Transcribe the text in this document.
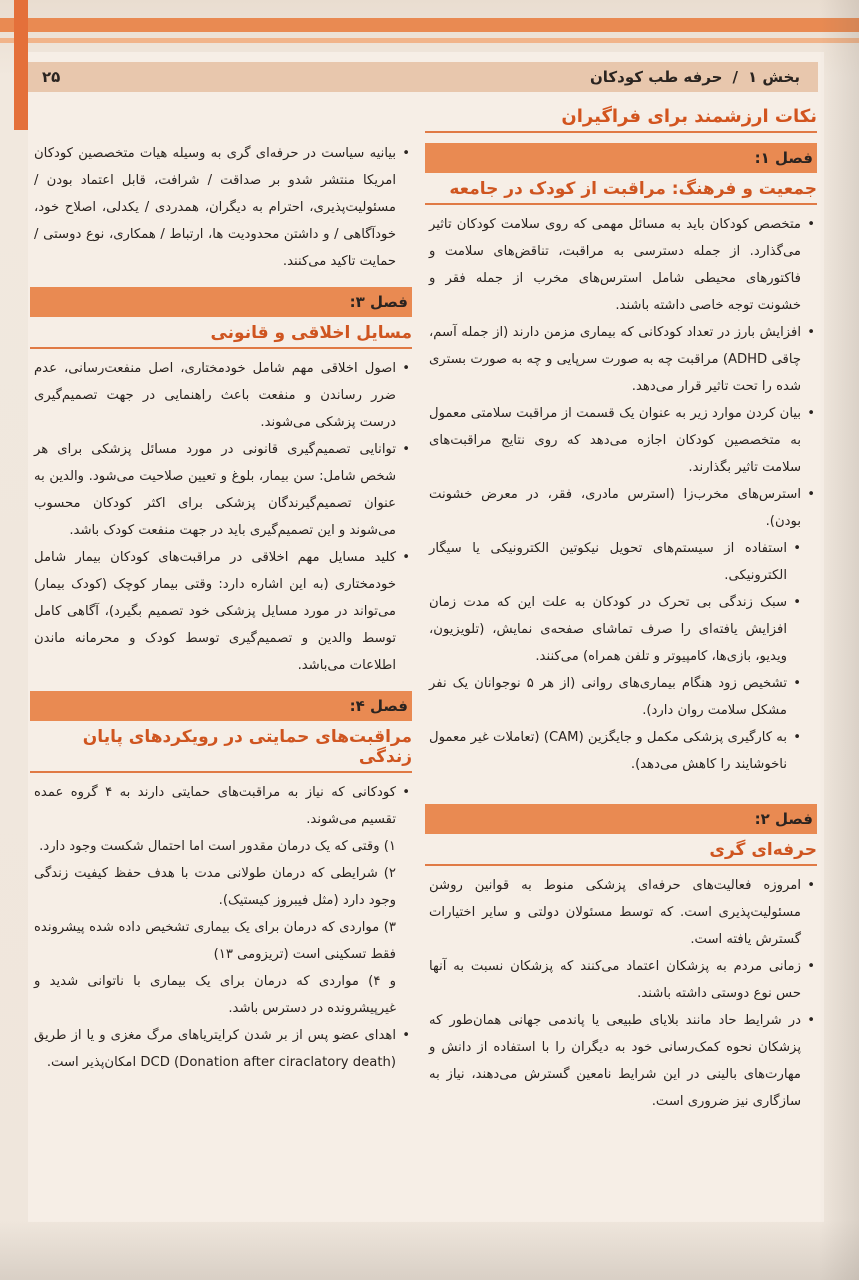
بخش ۱
/
حرفه طب کودکان
۲۵
نکات ارزشمند برای فراگیران
فصل ۱:
جمعیت و فرهنگ: مراقبت از کودک در جامعه
• متخصص کودکان باید به مسائل مهمی که روی سلامت کودکان تاثیر می‌گذارد. از جمله دسترسی به مراقبت، تناقض‌های سلامت و فاکتورهای محیطی شامل استرس‌های مخرب از جمله فقر و خشونت توجه خاصی داشته باشند.
• افزایش بارز در تعداد کودکانی که بیماری مزمن دارند (از جمله آسم، چاقی ADHD) مراقبت چه به صورت سرپایی و چه به صورت بستری شده را تحت تاثیر قرار می‌دهد.
• بیان کردن موارد زیر به عنوان یک قسمت از مراقبت سلامتی معمول به متخصصین کودکان اجازه می‌دهد که روی نتایج مراقبت‌های سلامت تاثیر بگذارند.
• استرس‌های مخرب‌زا (استرس مادری، فقر، در معرض خشونت بودن).
• استفاده از سیستم‌های تحویل نیکوتین الکترونیکی یا سیگار الکترونیکی.
• سبک زندگی بی تحرک در کودکان به علت این که مدت زمان افزایش یافته‌ای را صرف تماشای صفحه‌ی نمایش، (تلویزیون، ویدیو، بازی‌ها، کامپیوتر و تلفن همراه) می‌کنند.
• تشخیص زود هنگام بیماری‌های روانی (از هر ۵ نوجوانان یک نفر مشکل سلامت روان دارد).
• به کارگیری پزشکی مکمل و جایگزین (CAM) (تعاملات غیر معمول ناخوشایند را کاهش می‌دهد).
فصل ۲:
حرفه‌ای گری
• امروزه فعالیت‌های حرفه‌ای پزشکی منوط به قوانین روشن مسئولیت‌پذیری است. که توسط مسئولان دولتی و سایر اختیارات گسترش یافته است.
• زمانی مردم به پزشکان اعتماد می‌کنند که پزشکان نسبت به آنها حس نوع دوستی داشته باشند.
• در شرایط حاد مانند بلایای طبیعی یا پاندمی جهانی همان‌طور که پزشکان نحوه کمک‌رسانی خود به دیگران را با استفاده از دانش و مهارت‌های بالینی در این شرایط نامعین گسترش می‌دهند، نیاز به سازگاری نیز ضروری است.
• بیانیه سیاست در حرفه‌ای گری به وسیله هیات متخصصین کودکان امریکا منتشر شدو بر صداقت / شرافت، قابل اعتماد بودن / مسئولیت‌پذیری، احترام به دیگران، همدردی / یکدلی، اصلاح خود، خودآگاهی / و داشتن محدودیت ها، ارتباط / همکاری، نوع دوستی / حمایت تاکید می‌کنند.
فصل ۳:
مسایل اخلاقی و قانونی
• اصول اخلاقی مهم شامل خودمختاری، اصل منفعت‌رسانی، عدم ضرر رساندن و منفعت باعث راهنمایی در جهت تصمیم‌گیری درست پزشکی می‌شوند.
• توانایی تصمیم‌گیری قانونی در مورد مسائل پزشکی برای هر شخص شامل: سن بیمار، بلوغ و تعیین صلاحیت می‌شود. والدین به عنوان تصمیم‌گیرندگان پزشکی برای اکثر کودکان محسوب می‌شوند و این تصمیم‌گیری باید در جهت منفعت کودک باشد.
• کلید مسایل مهم اخلاقی در مراقبت‌های کودکان بیمار شامل خودمختاری (به این اشاره دارد: وقتی بیمار کوچک (کودک بیمار) می‌تواند در مورد مسایل پزشکی خود تصمیم بگیرد)، آگاهی کامل توسط والدین و تصمیم‌گیری توسط کودک و محرمانه ماندن اطلاعات می‌باشد.
فصل ۴:
مراقبت‌های حمایتی در رویکردهای پایان زندگی
• کودکانی که نیاز به مراقبت‌های حمایتی دارند به ۴ گروه عمده تقسیم می‌شوند.

۱) وقتی که یک درمان مقدور است اما احتمال شکست وجود دارد.

۲) شرایطی که درمان طولانی مدت با هدف حفظ کیفیت زندگی وجود دارد (مثل فیبروز کیستیک).

۳) مواردی که درمان برای یک بیماری تشخیص داده شده پیشرونده فقط تسکینی است (تریزومی ۱۳)

و ۴) مواردی که درمان برای یک بیماری با ناتوانی شدید و غیرپیشرونده در دسترس باشد.

• اهدای عضو پس از بر شدن کرایتریاهای مرگ مغزی و یا از طریق DCD (Donation after ciraclatory death) امکان‌پذیر است.
